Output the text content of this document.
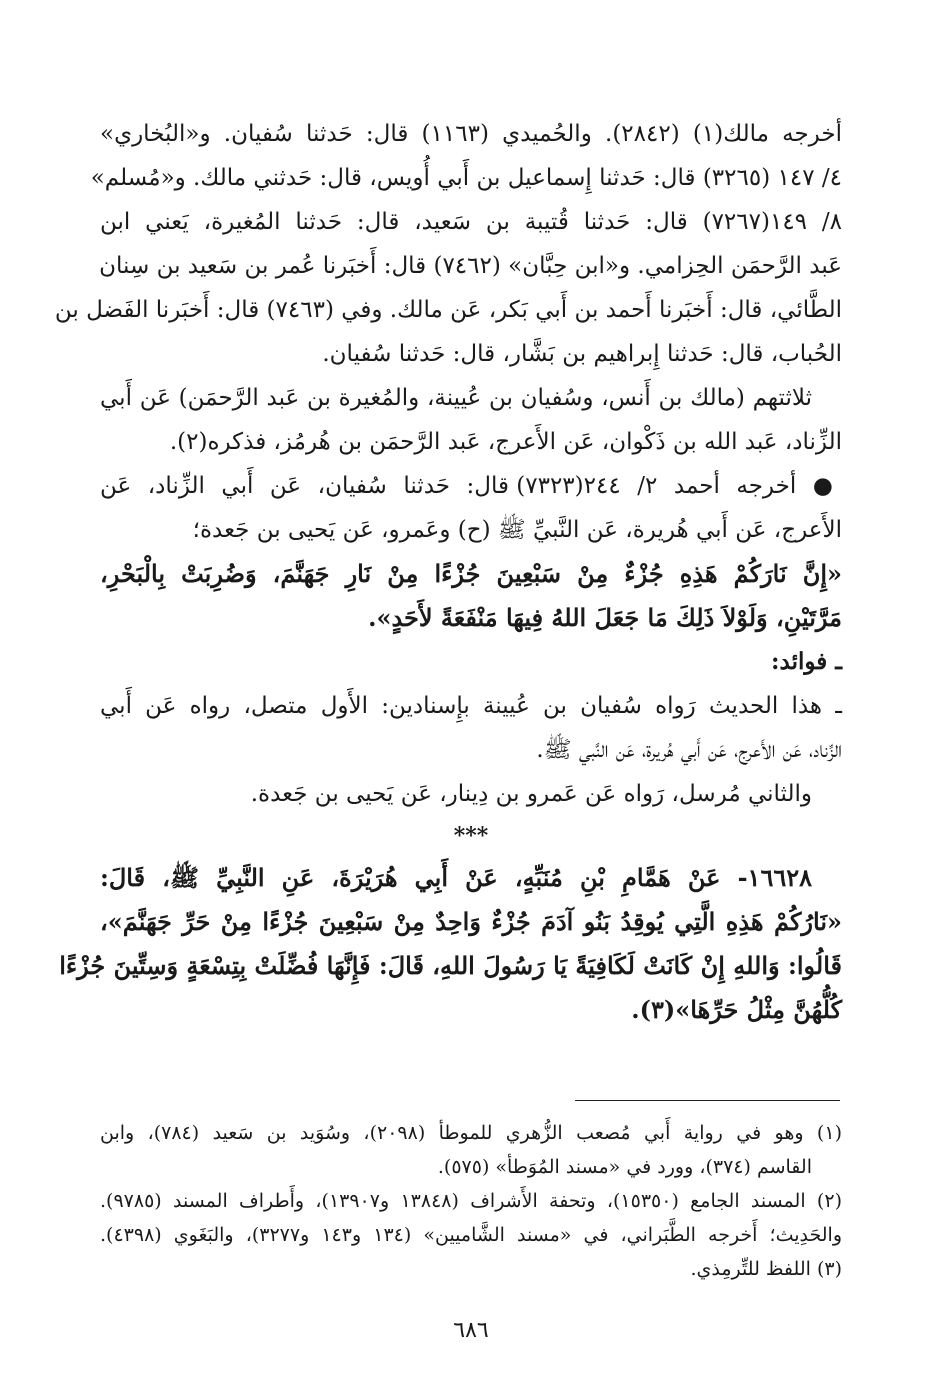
أخرجه مالك(١) (٢٨٤٢). والحُميدي (١١٦٣) قال: حَدثنا سُفيان. و«البُخاري»
٤/ ١٤٧ (٣٢٦٥) قال: حَدثنا إِسماعيل بن أَبي أُويس، قال: حَدثني مالك. و«مُسلم»
٨/ ١٤٩(٧٢٦٧) قال: حَدثنا قُتيبة بن سَعيد، قال: حَدثنا المُغيرة، يَعني ابن
عَبد الرَّحمَن الحِزامي. و«ابن حِبَّان» (٧٤٦٢) قال: أَخبَرنا عُمر بن سَعيد بن سِنان
الطَّائي، قال: أَخبَرنا أَحمد بن أَبي بَكر، عَن مالك. وفي (٧٤٦٣) قال: أَخبَرنا الفَضل بن
الحُباب، قال: حَدثنا إِبراهيم بن بَشَّار، قال: حَدثنا سُفيان.
ثلاثتهم (مالك بن أَنس، وسُفيان بن عُيينة، والمُغيرة بن عَبد الرَّحمَن) عَن أَبي
الزِّناد، عَبد الله بن ذَكْوان، عَن الأَعرج، عَبد الرَّحمَن بن هُرمُز، فذكره(٢).
● أخرجه أحمد ٢/ ٢٤٤(٧٣٢٣) قال: حَدثنا سُفيان، عَن أَبي الزِّناد، عَن
الأَعرج، عَن أَبي هُريرة، عَن النَّبيِّ ﷺ (ح) وعَمرو، عَن يَحيى بن جَعدة؛
«إِنَّ نَارَكُمْ هَذِهِ جُزْءٌ مِنْ سَبْعِينَ جُزْءًا مِنْ نَارِ جَهَنَّمَ، وَضُرِبَتْ بِالْبَحْرِ،
مَرَّتَيْنِ، وَلَوْلاَ ذَلِكَ مَا جَعَلَ اللهُ فِيهَا مَنْفَعَةً لأَحَدٍ».
ـ فوائد:
ـ هذا الحديث رَواه سُفيان بن عُيينة بإِسنادين: الأَول متصل، رواه عَن أَبي
الزِّناد، عَن الأَعرج، عَن أَبي هُريرة، عَن النَّبي ﷺ.
والثاني مُرسل، رَواه عَن عَمرو بن دِينار، عَن يَحيى بن جَعدة.
***
١٦٦٢٨- عَنْ هَمَّامِ بْنِ مُنَبِّهٍ، عَنْ أَبِي هُرَيْرَةَ، عَنِ النَّبِيِّ ﷺ، قَالَ:
«نَارُكُمْ هَذِهِ الَّتِي يُوقِدُ بَنُو آدَمَ جُزْءٌ وَاحِدٌ مِنْ سَبْعِينَ جُزْءًا مِنْ حَرِّ جَهَنَّمَ»،
قَالُوا: وَاللهِ إِنْ كَانَتْ لَكَافِيَةً يَا رَسُولَ اللهِ، قَالَ: فَإِنَّهَا فُضِّلَتْ بِتِسْعَةٍ وَسِتِّينَ جُزْءًا
كُلُّهُنَّ مِثْلُ حَرِّهَا»(٣).
(١) وهو في رواية أَبي مُصعب الزُّهري للموطأ (٢٠٩٨)، وسُوَيد بن سَعيد (٧٨٤)، وابن
القاسم (٣٧٤)، وورد في «مسند المُوَطأ» (٥٧٥).
(٢) المسند الجامع (١٥٣٥٠)، وتحفة الأَشراف (١٣٨٤٨ و١٣٩٠٧)، وأَطراف المسند (٩٧٨٥).
والحَدِيث؛ أَخرجه الطَّبَراني، في «مسند الشَّاميين» (١٣٤ و١٤٣ و٣٢٧٧)، والبَغَوي (٤٣٩٨).
(٣) اللفظ للتِّرمِذي.
٦٨٦
